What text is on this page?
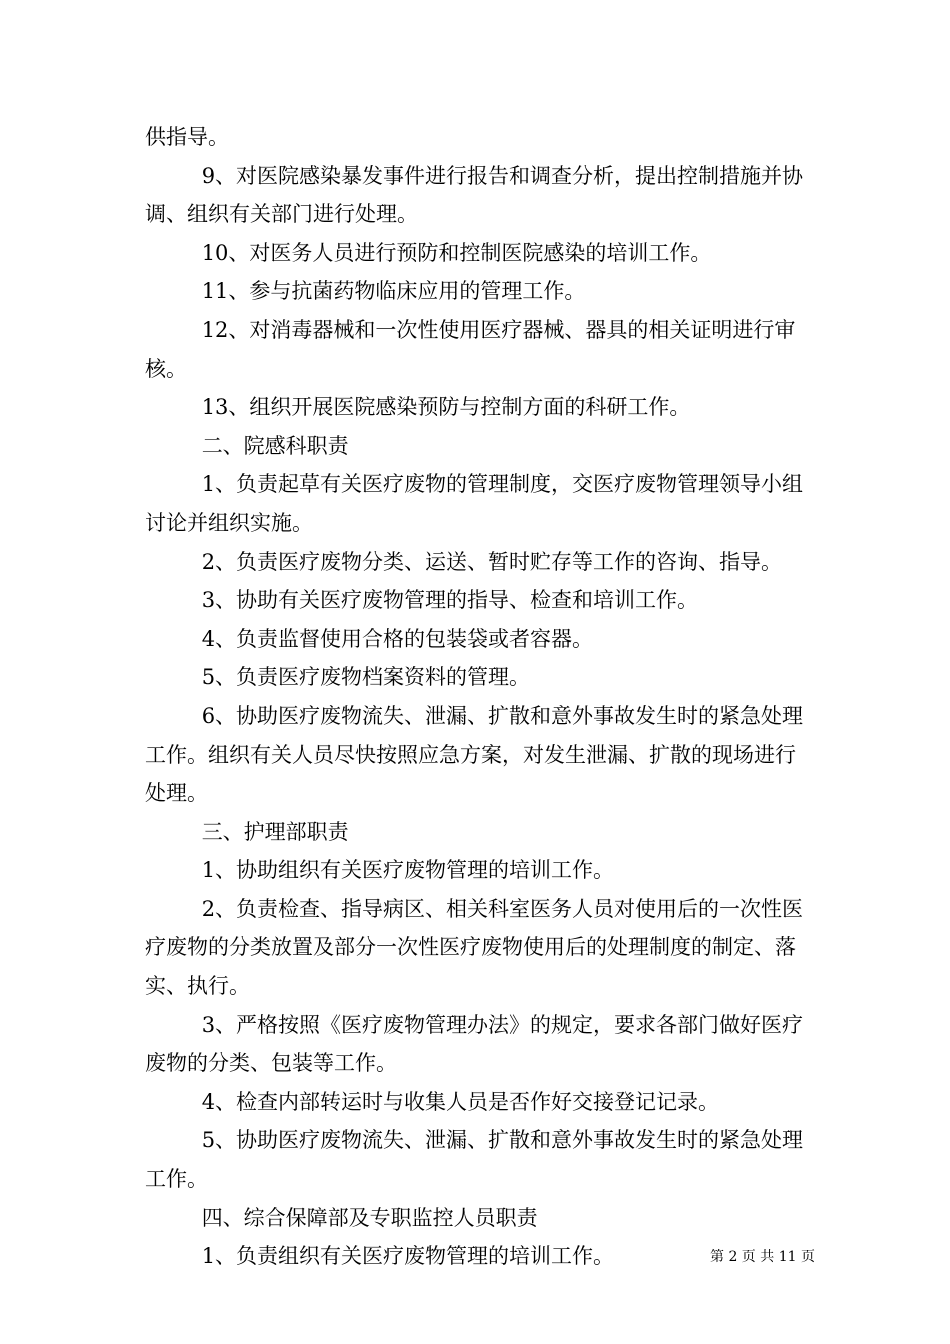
供指导。

9、对医院感染暴发事件进行报告和调查分析，提出控制措施并协调、组织有关部门进行处理。

10、对医务人员进行预防和控制医院感染的培训工作。

11、参与抗菌药物临床应用的管理工作。

12、对消毒器械和一次性使用医疗器械、器具的相关证明进行审核。

13、组织开展医院感染预防与控制方面的科研工作。

二、院感科职责

1、负责起草有关医疗废物的管理制度，交医疗废物管理领导小组讨论并组织实施。

2、负责医疗废物分类、运送、暂时贮存等工作的咨询、指导。

3、协助有关医疗废物管理的指导、检查和培训工作。

4、负责监督使用合格的包装袋或者容器。

5、负责医疗废物档案资料的管理。

6、协助医疗废物流失、泄漏、扩散和意外事故发生时的紧急处理工作。组织有关人员尽快按照应急方案，对发生泄漏、扩散的现场进行处理。

三、护理部职责

1、协助组织有关医疗废物管理的培训工作。

2、负责检查、指导病区、相关科室医务人员对使用后的一次性医疗废物的分类放置及部分一次性医疗废物使用后的处理制度的制定、落实、执行。

3、严格按照《医疗废物管理办法》的规定，要求各部门做好医疗废物的分类、包装等工作。

4、检查内部转运时与收集人员是否作好交接登记记录。

5、协助医疗废物流失、泄漏、扩散和意外事故发生时的紧急处理工作。

四、综合保障部及专职监控人员职责

1、负责组织有关医疗废物管理的培训工作。	第 2 页 共 11 页
